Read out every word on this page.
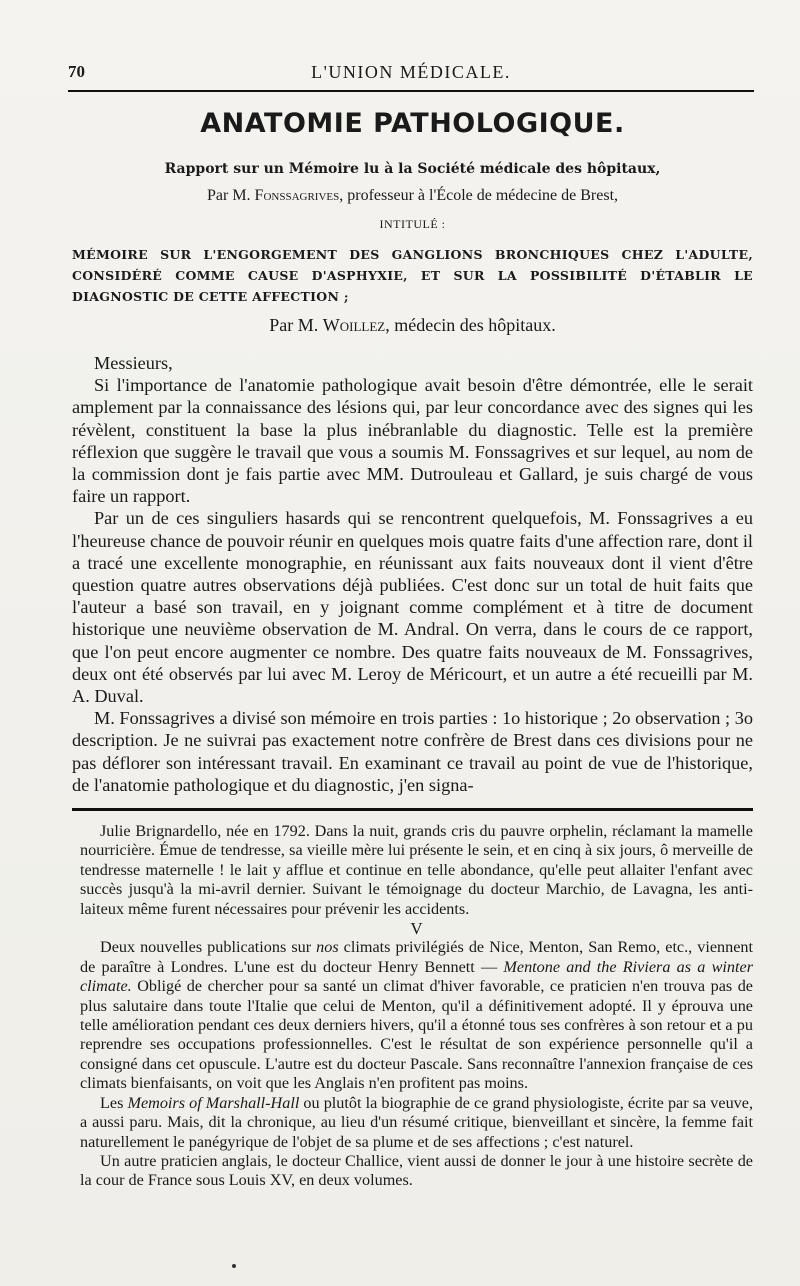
70	L'UNION MÉDICALE.
ANATOMIE PATHOLOGIQUE.
Rapport sur un Mémoire lu à la Société médicale des hôpitaux,
Par M. Fonssagrives, professeur à l'École de médecine de Brest,
INTITULÉ :
MÉMOIRE SUR L'ENGORGEMENT DES GANGLIONS BRONCHIQUES CHEZ L'ADULTE, CONSIDÉRÉ COMME CAUSE D'ASPHYXIE, ET SUR LA POSSIBILITÉ D'ÉTABLIR LE DIAGNOSTIC DE CETTE AFFECTION ;
Par M. Woillez, médecin des hôpitaux.

Messieurs,

Si l'importance de l'anatomie pathologique avait besoin d'être démontrée, elle le serait amplement par la connaissance des lésions qui, par leur concordance avec des signes qui les révèlent, constituent la base la plus inébranlable du diagnostic. Telle est la première réflexion que suggère le travail que vous a soumis M. Fonssagrives et sur lequel, au nom de la commission dont je fais partie avec MM. Dutrouleau et Gallard, je suis chargé de vous faire un rapport.

Par un de ces singuliers hasards qui se rencontrent quelquefois, M. Fonssagrives a eu l'heureuse chance de pouvoir réunir en quelques mois quatre faits d'une affection rare, dont il a tracé une excellente monographie, en réunissant aux faits nouveaux dont il vient d'être question quatre autres observations déjà publiées. C'est donc sur un total de huit faits que l'auteur a basé son travail, en y joignant comme complément et à titre de document historique une neuvième observation de M. Andral. On verra, dans le cours de ce rapport, que l'on peut encore augmenter ce nombre. Des quatre faits nouveaux de M. Fonssagrives, deux ont été observés par lui avec M. Leroy de Méricourt, et un autre a été recueilli par M. A. Duval.

M. Fonssagrives a divisé son mémoire en trois parties : 1o historique ; 2o observation ; 3o description. Je ne suivrai pas exactement notre confrère de Brest dans ces divisions pour ne pas déflorer son intéressant travail. En examinant ce travail au point de vue de l'historique, de l'anatomie pathologique et du diagnostic, j'en signa-

Julie Brignardello, née en 1792. Dans la nuit, grands cris du pauvre orphelin, réclamant la mamelle nourricière. Émue de tendresse, sa vieille mère lui présente le sein, et en cinq à six jours, ô merveille de tendresse maternelle ! le lait y afflue et continue en telle abondance, qu'elle peut allaiter l'enfant avec succès jusqu'à la mi-avril dernier. Suivant le témoignage du docteur Marchio, de Lavagna, les anti-laiteux même furent nécessaires pour prévenir les accidents.

V

Deux nouvelles publications sur nos climats privilégiés de Nice, Menton, San Remo, etc., viennent de paraître à Londres. L'une est du docteur Henry Bennett — Mentone and the Riviera as a winter climate. Obligé de chercher pour sa santé un climat d'hiver favorable, ce praticien n'en trouva pas de plus salutaire dans toute l'Italie que celui de Menton, qu'il a définitivement adopté. Il y éprouva une telle amélioration pendant ces deux derniers hivers, qu'il a étonné tous ses confrères à son retour et a pu reprendre ses occupations professionnelles. C'est le résultat de son expérience personnelle qu'il a consigné dans cet opuscule. L'autre est du docteur Pascale. Sans reconnaître l'annexion française de ces climats bienfaisants, on voit que les Anglais n'en profitent pas moins.

Les Memoirs of Marshall-Hall ou plutôt la biographie de ce grand physiologiste, écrite par sa veuve, a aussi paru. Mais, dit la chronique, au lieu d'un résumé critique, bienveillant et sincère, la femme fait naturellement le panégyrique de l'objet de sa plume et de ses affections ; c'est naturel.

Un autre praticien anglais, le docteur Challice, vient aussi de donner le jour à une histoire secrète de la cour de France sous Louis XV, en deux volumes.
